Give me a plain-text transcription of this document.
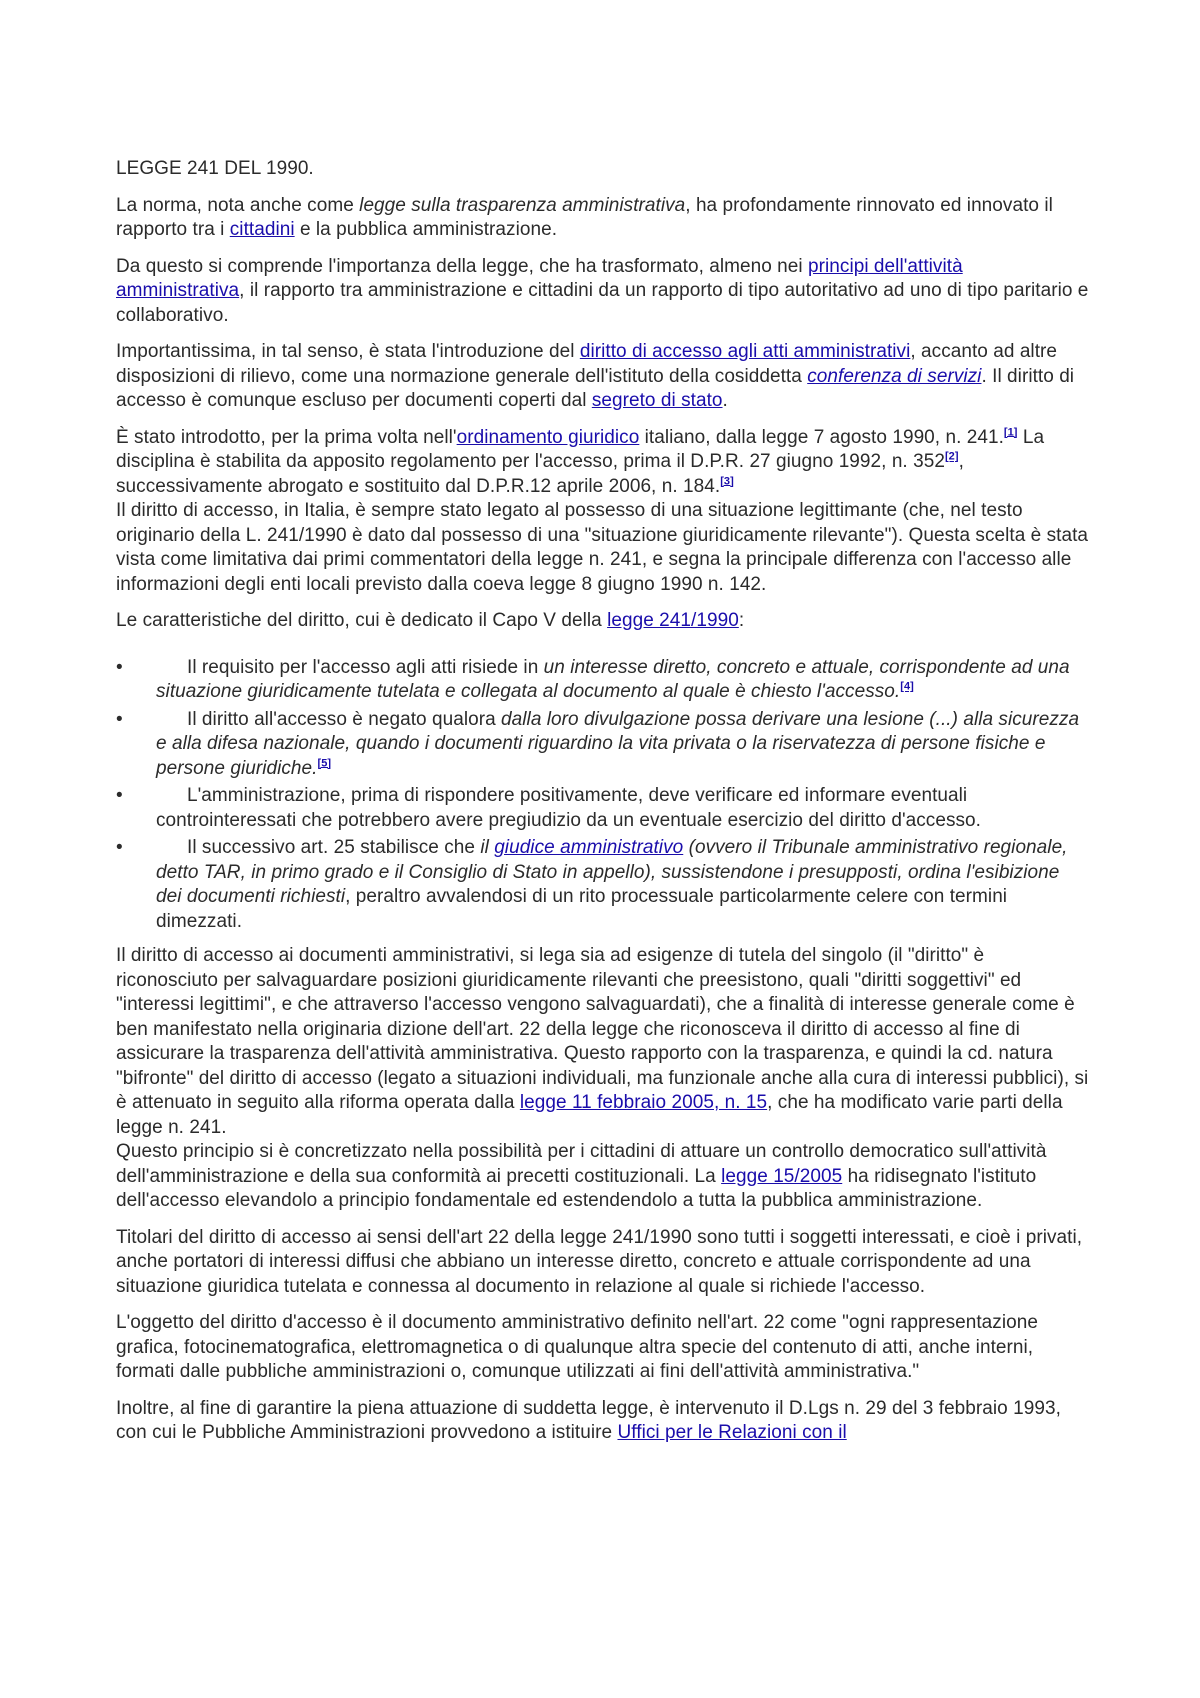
LEGGE 241 DEL 1990.

La norma, nota anche come legge sulla trasparenza amministrativa, ha profondamente rinnovato ed innovato il rapporto tra i cittadini e la pubblica amministrazione.

Da questo si comprende l'importanza della legge, che ha trasformato, almeno nei principi dell'attività amministrativa, il rapporto tra amministrazione e cittadini da un rapporto di tipo autoritativo ad uno di tipo paritario e collaborativo.

Importantissima, in tal senso, è stata l'introduzione del diritto di accesso agli atti amministrativi, accanto ad altre disposizioni di rilievo, come una normazione generale dell'istituto della cosiddetta conferenza di servizi. Il diritto di accesso è comunque escluso per documenti coperti dal segreto di stato.

È stato introdotto, per la prima volta nell'ordinamento giuridico italiano, dalla legge 7 agosto 1990, n. 241.[1] La disciplina è stabilita da apposito regolamento per l'accesso, prima il D.P.R. 27 giugno 1992, n. 352[2], successivamente abrogato e sostituito dal D.P.R.12 aprile 2006, n. 184.[3]
Il diritto di accesso, in Italia, è sempre stato legato al possesso di una situazione legittimante (che, nel testo originario della L. 241/1990 è dato dal possesso di una "situazione giuridicamente rilevante"). Questa scelta è stata vista come limitativa dai primi commentatori della legge n. 241, e segna la principale differenza con l'accesso alle informazioni degli enti locali previsto dalla coeva legge 8 giugno 1990 n. 142.

Le caratteristiche del diritto, cui è dedicato il Capo V della legge 241/1990:

•	Il requisito per l'accesso agli atti risiede in un interesse diretto, concreto e attuale, corrispondente ad una situazione giuridicamente tutelata e collegata al documento al quale è chiesto l'accesso.[4]
•	Il diritto all'accesso è negato qualora dalla loro divulgazione possa derivare una lesione (...) alla sicurezza e alla difesa nazionale, quando i documenti riguardino la vita privata o la riservatezza di persone fisiche e persone giuridiche.[5]
•	L'amministrazione, prima di rispondere positivamente, deve verificare ed informare eventuali controinteressati che potrebbero avere pregiudizio da un eventuale esercizio del diritto d'accesso.
•	Il successivo art. 25 stabilisce che il giudice amministrativo (ovvero il Tribunale amministrativo regionale, detto TAR, in primo grado e il Consiglio di Stato in appello), sussistendone i presupposti, ordina l'esibizione dei documenti richiesti, peraltro avvalendosi di un rito processuale particolarmente celere con termini dimezzati.

Il diritto di accesso ai documenti amministrativi, si lega sia ad esigenze di tutela del singolo (il "diritto" è riconosciuto per salvaguardare posizioni giuridicamente rilevanti che preesistono, quali "diritti soggettivi" ed "interessi legittimi", e che attraverso l'accesso vengono salvaguardati), che a finalità di interesse generale come è ben manifestato nella originaria dizione dell'art. 22 della legge che riconosceva il diritto di accesso al fine di assicurare la trasparenza dell'attività amministrativa. Questo rapporto con la trasparenza, e quindi la cd. natura "bifronte" del diritto di accesso (legato a situazioni individuali, ma funzionale anche alla cura di interessi pubblici), si è attenuato in seguito alla riforma operata dalla legge 11 febbraio 2005, n. 15, che ha modificato varie parti della legge n. 241.
Questo principio si è concretizzato nella possibilità per i cittadini di attuare un controllo democratico sull'attività dell'amministrazione e della sua conformità ai precetti costituzionali. La legge 15/2005 ha ridisegnato l'istituto dell'accesso elevandolo a principio fondamentale ed estendendolo a tutta la pubblica amministrazione.

Titolari del diritto di accesso ai sensi dell'art 22 della legge 241/1990 sono tutti i soggetti interessati, e cioè i privati, anche portatori di interessi diffusi che abbiano un interesse diretto, concreto e attuale corrispondente ad una situazione giuridica tutelata e connessa al documento in relazione al quale si richiede l'accesso.

L'oggetto del diritto d'accesso è il documento amministrativo definito nell'art. 22 come "ogni rappresentazione grafica, fotocinematografica, elettromagnetica o di qualunque altra specie del contenuto di atti, anche interni, formati dalle pubbliche amministrazioni o, comunque utilizzati ai fini dell'attività amministrativa."

Inoltre, al fine di garantire la piena attuazione di suddetta legge, è intervenuto il D.Lgs n. 29 del 3 febbraio 1993, con cui le Pubbliche Amministrazioni provvedono a istituire Uffici per le Relazioni con il
